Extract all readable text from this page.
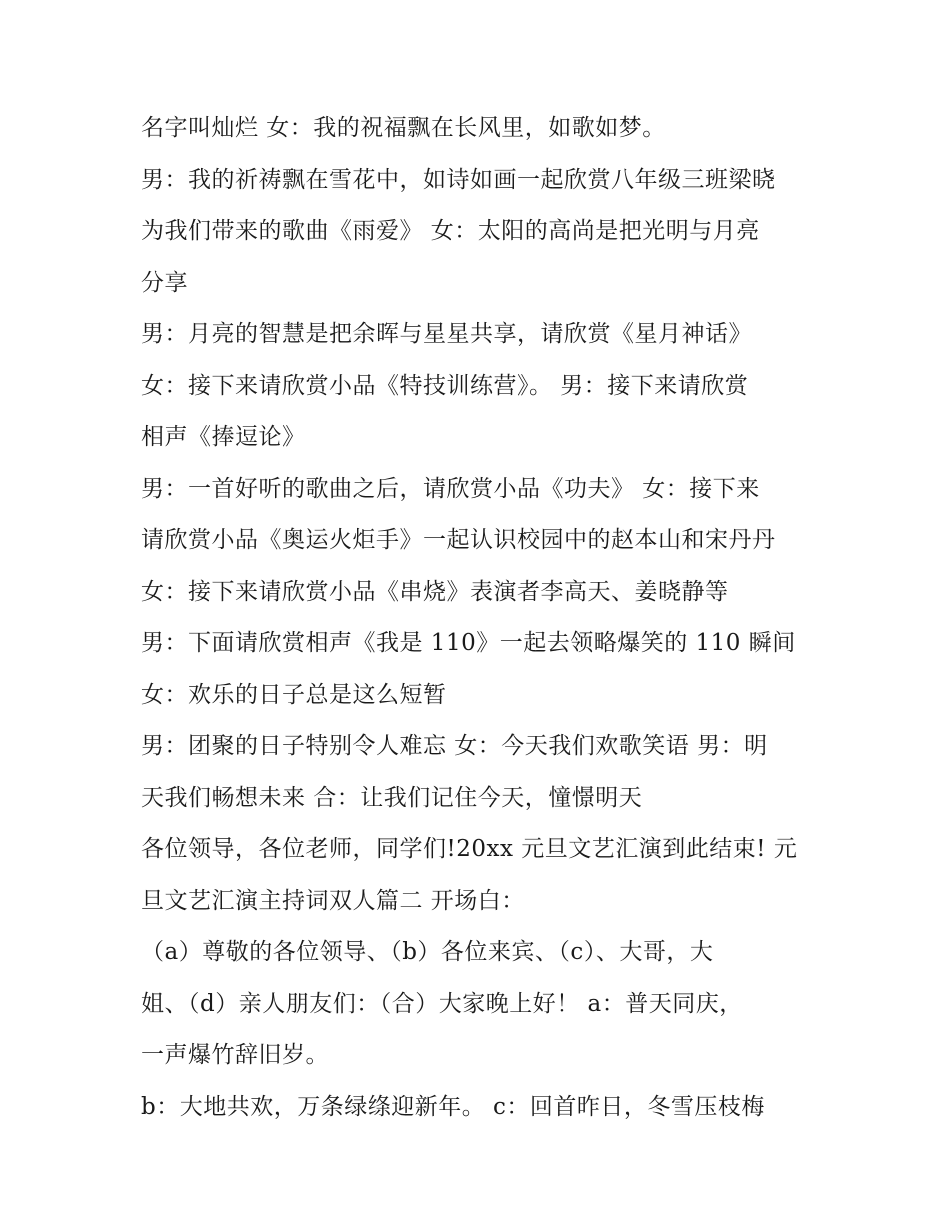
名字叫灿烂 女：我的祝福飘在长风里，如歌如梦。
男：我的祈祷飘在雪花中，如诗如画一起欣赏八年级三班梁晓
为我们带来的歌曲《雨爱》 女：太阳的高尚是把光明与月亮
分享
男：月亮的智慧是把余晖与星星共享，请欣赏《星月神话》
女：接下来请欣赏小品《特技训练营》。 男：接下来请欣赏
相声《捧逗论》
男：一首好听的歌曲之后，请欣赏小品《功夫》 女：接下来
请欣赏小品《奥运火炬手》一起认识校园中的赵本山和宋丹丹
女：接下来请欣赏小品《串烧》表演者李高天、姜晓静等
男：下面请欣赏相声《我是 110》一起去领略爆笑的 110 瞬间
女：欢乐的日子总是这么短暂
男：团聚的日子特别令人难忘 女：今天我们欢歌笑语 男：明
天我们畅想未来 合：让我们记住今天，憧憬明天
各位领导，各位老师，同学们!20xx 元旦文艺汇演到此结束! 元
旦文艺汇演主持词双人篇二 开场白：
（a）尊敬的各位领导、（b）各位来宾、（c）、大哥，大
姐、（d）亲人朋友们：（合）大家晚上好！ a：普天同庆，
一声爆竹辞旧岁。
b：大地共欢，万条绿绦迎新年。 c：回首昨日，冬雪压枝梅
